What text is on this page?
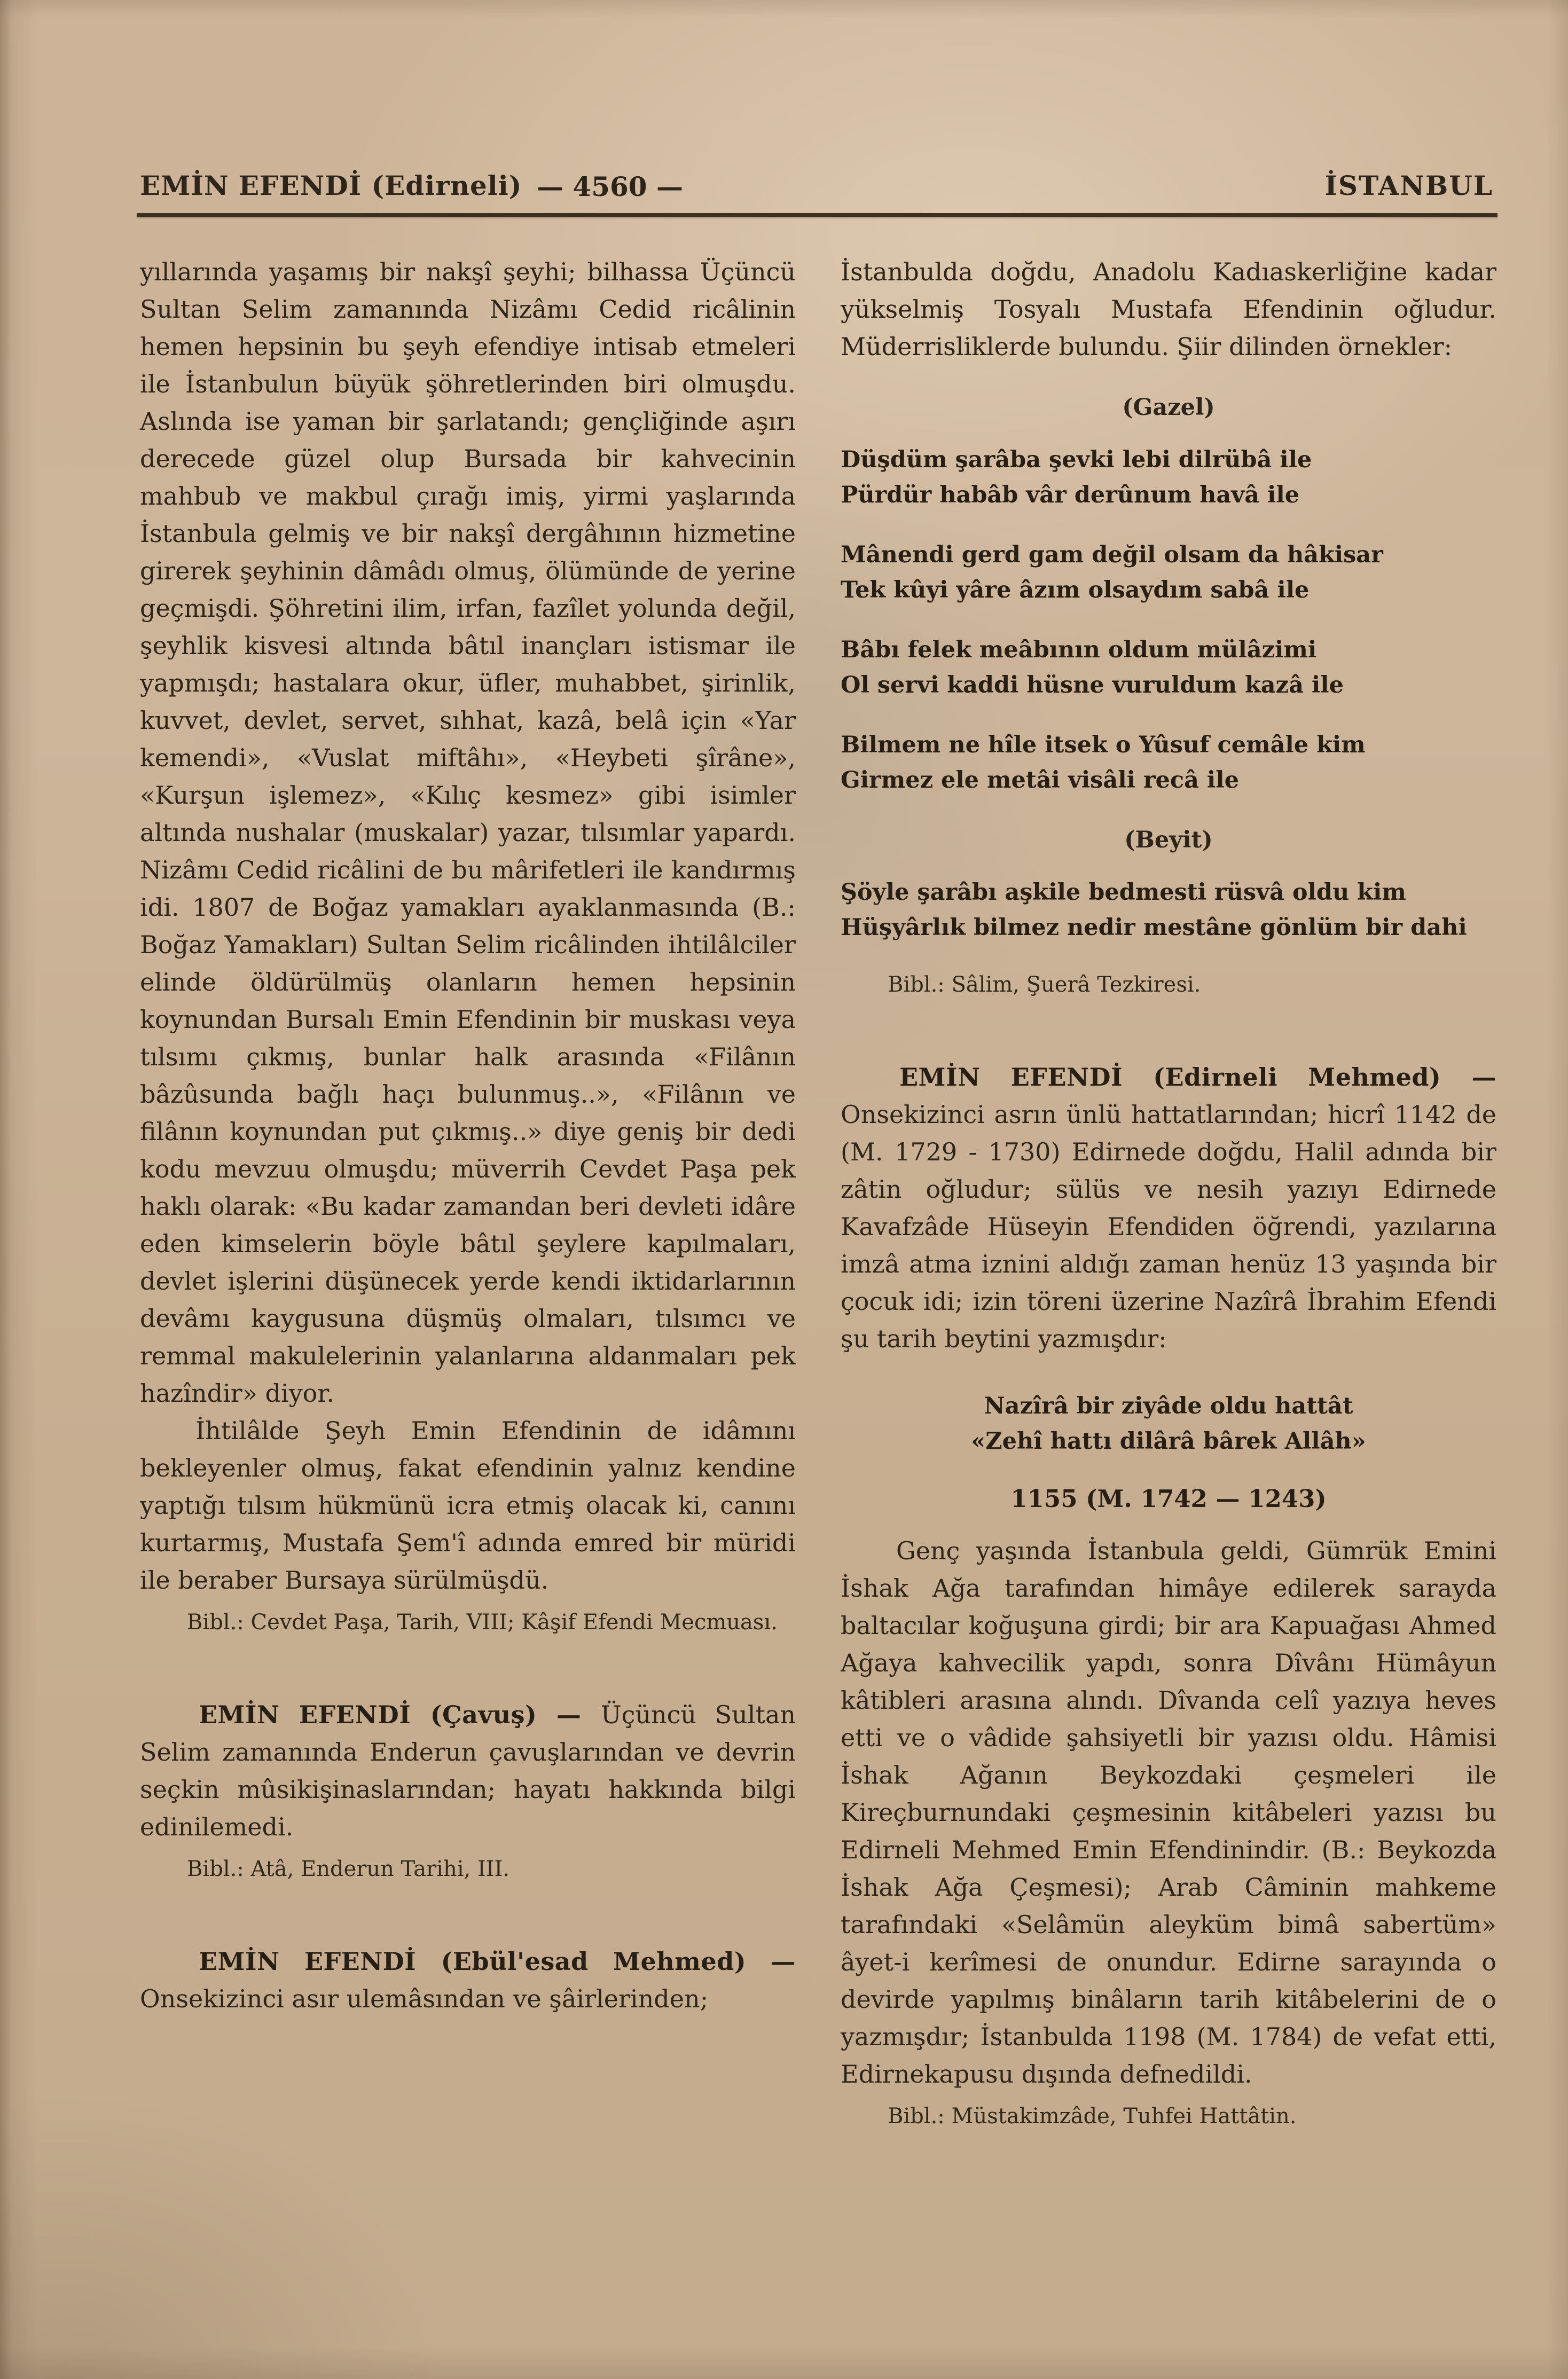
EMİN EFENDİ (Edirneli) — 4560 —	İSTANBUL

yıllarında yaşamış bir nakşî şeyhi; bilhassa Üçüncü Sultan Selim zamanında Nizâmı Cedid ricâlinin hemen hepsinin bu şeyh efendiye intisab etmeleri ile İstanbulun büyük şöhretlerinden biri olmuşdu. Aslında ise yaman bir şarlatandı; gençliğinde aşırı derecede güzel olup Bursada bir kahvecinin mahbub ve makbul çırağı imiş, yirmi yaşlarında İstanbula gelmiş ve bir nakşî dergâhının hizmetine girerek şeyhinin dâmâdı olmuş, ölümünde de yerine geçmişdi. Şöhretini ilim, irfan, fazîlet yolunda değil, şeyhlik kisvesi altında bâtıl inançları istismar ile yapmışdı; hastalara okur, üfler, muhabbet, şirinlik, kuvvet, devlet, servet, sıhhat, kazâ, belâ için «Yar kemendi», «Vuslat miftâhı», «Heybeti şîrâne», «Kurşun işlemez», «Kılıç kesmez» gibi isimler altında nushalar (muskalar) yazar, tılsımlar yapardı. Nizâmı Cedid ricâlini de bu mârifetleri ile kandırmış idi. 1807 de Boğaz yamakları ayaklanmasında (B.: Boğaz Yamakları) Sultan Selim ricâlinden ihtilâlciler elinde öldürülmüş olanların hemen hepsinin koynundan Bursalı Emin Efendinin bir muskası veya tılsımı çıkmış, bunlar halk arasında «Filânın bâzûsunda bağlı haçı bulunmuş..», «Filânın ve filânın koynundan put çıkmış..» diye geniş bir dedi kodu mevzuu olmuşdu; müverrih Cevdet Paşa pek haklı olarak: «Bu kadar zamandan beri devleti idâre eden kimselerin böyle bâtıl şeylere kapılmaları, devlet işlerini düşünecek yerde kendi iktidarlarının devâmı kaygusuna düşmüş olmaları, tılsımcı ve remmal makulelerinin yalanlarına aldanmaları pek hazîndir» diyor.

İhtilâlde Şeyh Emin Efendinin de idâmını bekleyenler olmuş, fakat efendinin yalnız kendine yaptığı tılsım hükmünü icra etmiş olacak ki, canını kurtarmış, Mustafa Şem'î adında emred bir müridi ile beraber Bursaya sürülmüşdü.

Bibl.: Cevdet Paşa, Tarih, VIII; Kâşif Efendi Mecmuası.

EMİN EFENDİ (Çavuş) — Üçüncü Sultan Selim zamanında Enderun çavuşlarından ve devrin seçkin mûsikişinaslarından; hayatı hakkında bilgi edinilemedi.

Bibl.: Atâ, Enderun Tarihi, III.

EMİN EFENDİ (Ebül'esad Mehmed) — Onsekizinci asır ulemâsından ve şâirlerinden;

İstanbulda doğdu, Anadolu Kadıaskerliğine kadar yükselmiş Tosyalı Mustafa Efendinin oğludur. Müderrisliklerde bulundu. Şiir dilinden örnekler:

(Gazel)
Düşdüm şarâba şevki lebi dilrübâ ile
Pürdür habâb vâr derûnum havâ ile
Mânendi gerd gam değil olsam da hâkisar
Tek kûyi yâre âzım olsaydım sabâ ile
Bâbı felek meâbının oldum mülâzimi
Ol servi kaddi hüsne vuruldum kazâ ile
Bilmem ne hîle itsek o Yûsuf cemâle kim
Girmez ele metâi visâli recâ ile
(Beyit)
Şöyle şarâbı aşkile bedmesti rüsvâ oldu kim
Hüşyârlık bilmez nedir mestâne gönlüm bir dahi

Bibl.: Sâlim, Şuerâ Tezkiresi.

EMİN EFENDİ (Edirneli Mehmed) — Onsekizinci asrın ünlü hattatlarından; hicrî 1142 de (M. 1729 - 1730) Edirnede doğdu, Halil adında bir zâtin oğludur; sülüs ve nesih yazıyı Edirnede Kavafzâde Hüseyin Efendiden öğrendi, yazılarına imzâ atma iznini aldığı zaman henüz 13 yaşında bir çocuk idi; izin töreni üzerine Nazîrâ İbrahim Efendi şu tarih beytini yazmışdır:

Nazîrâ bir ziyâde oldu hattât
«Zehî hattı dilârâ bârek Allâh»
1155 (M. 1742 — 1243)

Genç yaşında İstanbula geldi, Gümrük Emini İshak Ağa tarafından himâye edilerek sarayda baltacılar koğuşuna girdi; bir ara Kapuağası Ahmed Ağaya kahvecilik yapdı, sonra Dîvânı Hümâyun kâtibleri arasına alındı. Dîvanda celî yazıya heves etti ve o vâdide şahsiyetli bir yazısı oldu. Hâmisi İshak Ağanın Beykozdaki çeşmeleri ile Kireçburnundaki çeşmesinin kitâbeleri yazısı bu Edirneli Mehmed Emin Efendinindir. (B.: Beykozda İshak Ağa Çeşmesi); Arab Câminin mahkeme tarafındaki «Selâmün aleyküm bimâ sabertüm» âyet-i kerîmesi de onundur. Edirne sarayında o devirde yapılmış binâların tarih kitâbelerini de o yazmışdır; İstanbulda 1198 (M. 1784) de vefat etti, Edirnekapusu dışında defnedildi.

Bibl.: Müstakimzâde, Tuhfei Hattâtin.
